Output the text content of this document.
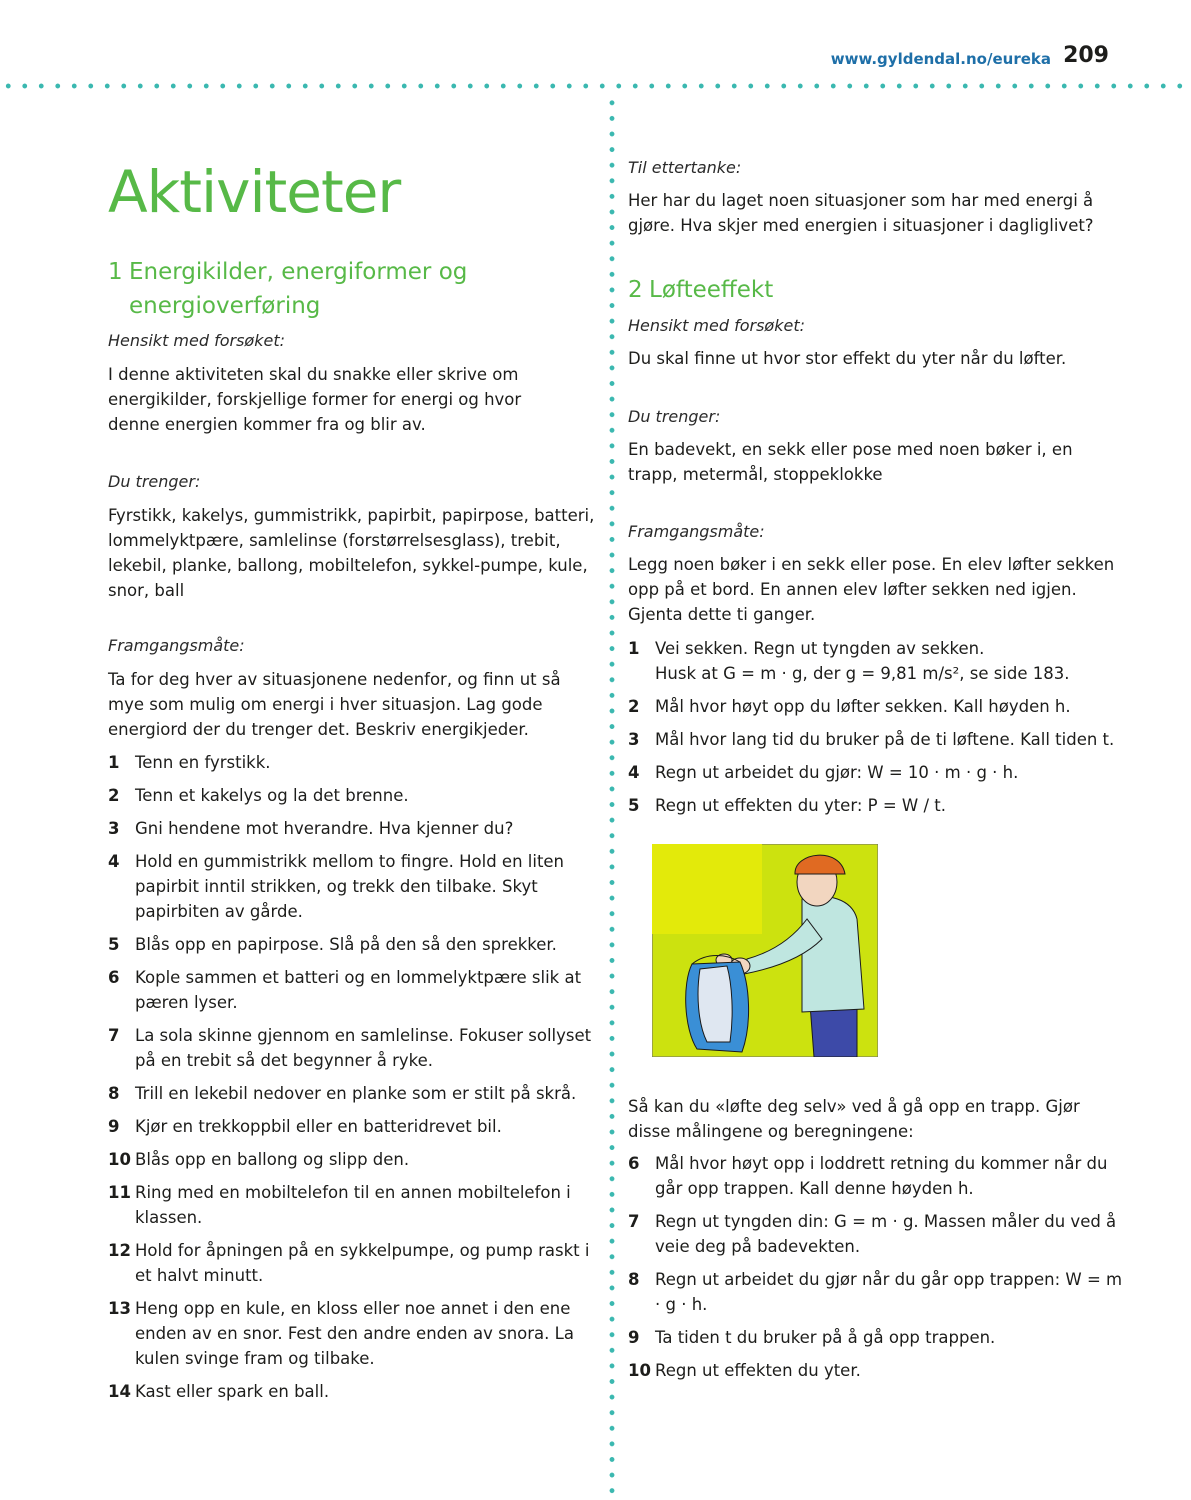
www.gyldendal.no/eureka 209
Aktiviteter
1 Energikilder, energiformer og
energioverføring

Hensikt med forsøket:

I denne aktiviteten skal du snakke eller skrive om energikilder, forskjellige former for energi og hvor denne energien kommer fra og blir av.

Du trenger:

Fyrstikk, kakelys, gummistrikk, papirbit, papirpose, batteri, lommelyktpære, samlelinse (forstørrelsesglass), trebit, lekebil, planke, ballong, mobiltelefon, sykkel-pumpe, kule, snor, ball

Framgangsmåte:

Ta for deg hver av situasjonene nedenfor, og finn ut så mye som mulig om energi i hver situasjon. Lag gode energiord der du trenger det. Beskriv energikjeder.

1 Tenn en fyrstikk.
2 Tenn et kakelys og la det brenne.
3 Gni hendene mot hverandre. Hva kjenner du?
4 Hold en gummistrikk mellom to fingre. Hold en liten papirbit inntil strikken, og trekk den tilbake. Skyt papirbiten av gårde.
5 Blås opp en papirpose. Slå på den så den sprekker.
6 Kople sammen et batteri og en lommelyktpære slik at pæren lyser.
7 La sola skinne gjennom en samlelinse. Fokuser sollyset på en trebit så det begynner å ryke.
8 Trill en lekebil nedover en planke som er stilt på skrå.
9 Kjør en trekkoppbil eller en batteridrevet bil.
10 Blås opp en ballong og slipp den.
11 Ring med en mobiltelefon til en annen mobiltelefon i klassen.
12 Hold for åpningen på en sykkelpumpe, og pump raskt i et halvt minutt.
13 Heng opp en kule, en kloss eller noe annet i den ene enden av en snor. Fest den andre enden av snora. La kulen svinge fram og tilbake.
14 Kast eller spark en ball.

Til ettertanke:

Her har du laget noen situasjoner som har med energi å gjøre. Hva skjer med energien i situasjoner i dagliglivet?

2 Løfteeffekt

Hensikt med forsøket:

Du skal finne ut hvor stor effekt du yter når du løfter.

Du trenger:

En badevekt, en sekk eller pose med noen bøker i, en trapp, metermål, stoppeklokke

Framgangsmåte:

Legg noen bøker i en sekk eller pose. En elev løfter sekken opp på et bord. En annen elev løfter sekken ned igjen. Gjenta dette ti ganger.

1 Vei sekken. Regn ut tyngden av sekken.
Husk at G = m · g, der g = 9,81 m/s², se side 183.
2 Mål hvor høyt opp du løfter sekken. Kall høyden h.
3 Mål hvor lang tid du bruker på de ti løftene. Kall tiden t.
4 Regn ut arbeidet du gjør: W = 10 · m · g · h.
5 Regn ut effekten du yter: P = W / t.

Så kan du «løfte deg selv» ved å gå opp en trapp. Gjør disse målingene og beregningene:

6 Mål hvor høyt opp i loddrett retning du kommer når du går opp trappen. Kall denne høyden h.
7 Regn ut tyngden din: G = m · g. Massen måler du ved å veie deg på badevekten.
8 Regn ut arbeidet du gjør når du går opp trappen: W = m · g · h.
9 Ta tiden t du bruker på å gå opp trappen.
10 Regn ut effekten du yter.
